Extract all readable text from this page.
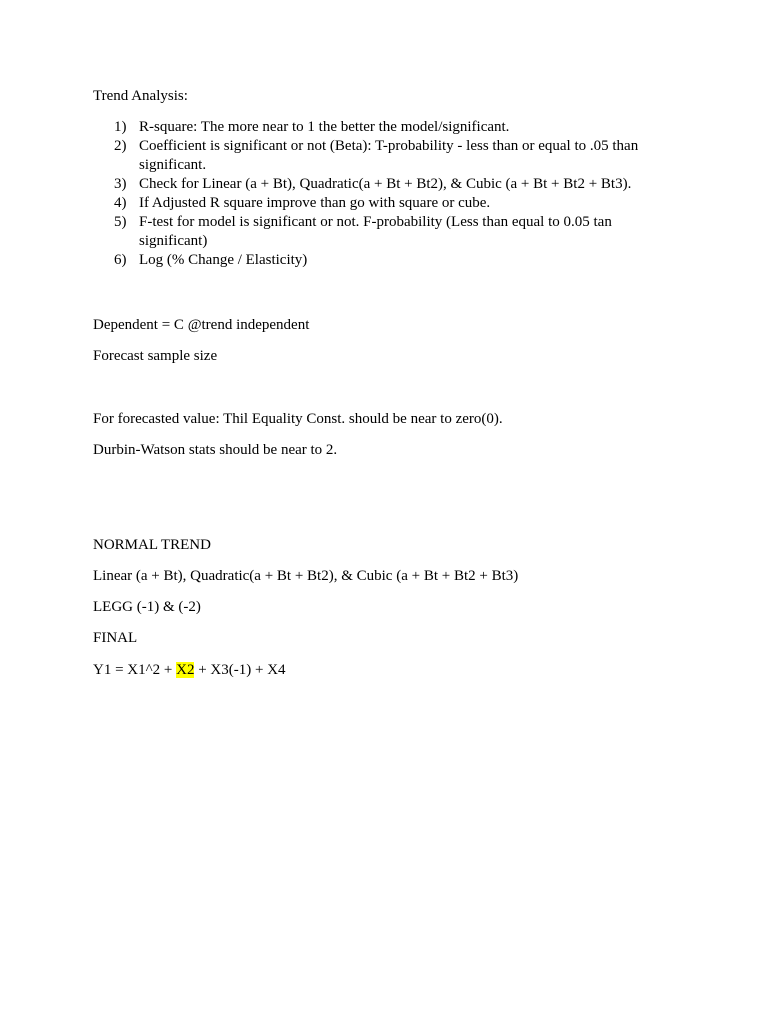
Trend Analysis:
1) R-square: The more near to 1 the better the model/significant.
2) Coefficient is significant or not (Beta): T-probability - less than or equal to .05 than significant.
3) Check for Linear (a + Bt), Quadratic(a + Bt + Bt2), & Cubic (a + Bt + Bt2 + Bt3).
4) If Adjusted R square improve than go with square or cube.
5) F-test for model is significant or not. F-probability (Less than equal to 0.05 tan significant)
6) Log (% Change / Elasticity)
Dependent = C @trend independent
Forecast sample size
For forecasted value: Thil Equality Const. should be near to zero(0).
Durbin-Watson stats should be near to 2.
NORMAL TREND
Linear (a + Bt), Quadratic(a + Bt + Bt2), & Cubic (a + Bt + Bt2 + Bt3)
LEGG (-1) & (-2)
FINAL
Y1 = X1^2 + X2 + X3(-1) + X4
